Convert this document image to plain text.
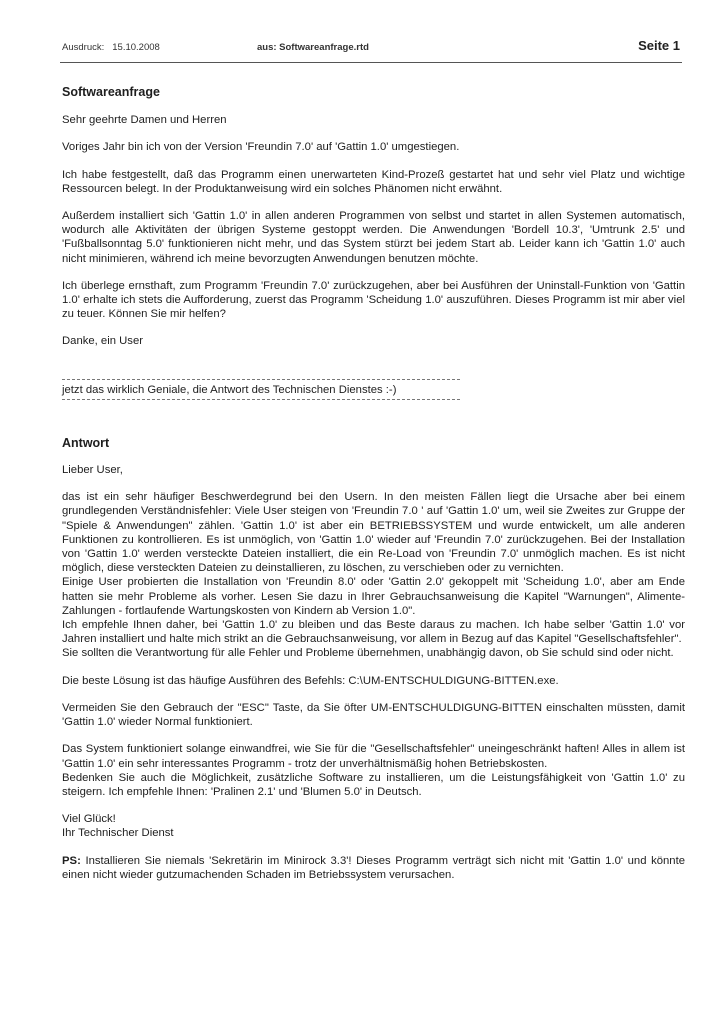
Ausdruck: 15.10.2008	aus: Softwareanfrage.rtd	Seite 1
Softwareanfrage

Sehr geehrte Damen und Herren

Voriges Jahr bin ich von der Version 'Freundin 7.0' auf 'Gattin 1.0' umgestiegen.

Ich habe festgestellt, daß das Programm einen unerwarteten Kind-Prozeß gestartet hat und sehr viel Platz und wichtige Ressourcen belegt. In der Produktanweisung wird ein solches Phänomen nicht erwähnt.

Außerdem installiert sich 'Gattin 1.0' in allen anderen Programmen von selbst und startet in allen Systemen automatisch, wodurch alle Aktivitäten der übrigen Systeme gestoppt werden. Die Anwendungen 'Bordell 10.3', 'Umtrunk 2.5' und 'Fußballsonntag 5.0' funktionieren nicht mehr, und das System stürzt bei jedem Start ab. Leider kann ich 'Gattin 1.0' auch nicht minimieren, während ich meine bevorzugten Anwendungen benutzen möchte.

Ich überlege ernsthaft, zum Programm 'Freundin 7.0' zurückzugehen, aber bei Ausführen der Uninstall-Funktion von 'Gattin 1.0' erhalte ich stets die Aufforderung, zuerst das Programm 'Scheidung 1.0' auszuführen. Dieses Programm ist mir aber viel zu teuer. Können Sie mir helfen?

Danke, ein User

jetzt das wirklich Geniale, die Antwort des Technischen Dienstes :-)
Antwort

Lieber User,

das ist ein sehr häufiger Beschwerdegrund bei den Usern. In den meisten Fällen liegt die Ursache aber bei einem grundlegenden Verständnisfehler: Viele User steigen von 'Freundin 7.0 ' auf 'Gattin 1.0' um, weil sie Zweites zur Gruppe der "Spiele & Anwendungen" zählen. 'Gattin 1.0' ist aber ein BETRIEBSSYSTEM und wurde entwickelt, um alle anderen Funktionen zu kontrollieren. Es ist unmöglich, von 'Gattin 1.0' wieder auf 'Freundin 7.0' zurückzugehen. Bei der Installation von 'Gattin 1.0' werden versteckte Dateien installiert, die ein Re-Load von 'Freundin 7.0' unmöglich machen. Es ist nicht möglich, diese versteckten Dateien zu deinstallieren, zu löschen, zu verschieben oder zu vernichten.

Einige User probierten die Installation von 'Freundin 8.0' oder 'Gattin 2.0' gekoppelt mit 'Scheidung 1.0', aber am Ende hatten sie mehr Probleme als vorher. Lesen Sie dazu in Ihrer Gebrauchsanweisung die Kapitel "Warnungen", Alimente-Zahlungen - fortlaufende Wartungskosten von Kindern ab Version 1.0".

Ich empfehle Ihnen daher, bei 'Gattin 1.0' zu bleiben und das Beste daraus zu machen. Ich habe selber 'Gattin 1.0' vor Jahren installiert und halte mich strikt an die Gebrauchsanweisung, vor allem in Bezug auf das Kapitel "Gesellschaftsfehler".

Sie sollten die Verantwortung für alle Fehler und Probleme übernehmen, unabhängig davon, ob Sie schuld sind oder nicht.

Die beste Lösung ist das häufige Ausführen des Befehls: C:\UM-ENTSCHULDIGUNG-BITTEN.exe.

Vermeiden Sie den Gebrauch der "ESC" Taste, da Sie öfter UM-ENTSCHULDIGUNG-BITTEN einschalten müssten, damit 'Gattin 1.0' wieder Normal funktioniert.

Das System funktioniert solange einwandfrei, wie Sie für die "Gesellschaftsfehler" uneingeschränkt haften! Alles in allem ist 'Gattin 1.0' ein sehr interessantes Programm - trotz der unverhältnismäßig hohen Betriebskosten.

Bedenken Sie auch die Möglichkeit, zusätzliche Software zu installieren, um die Leistungsfähigkeit von 'Gattin 1.0' zu steigern. Ich empfehle Ihnen: 'Pralinen 2.1' und 'Blumen 5.0' in Deutsch.

Viel Glück!

Ihr Technischer Dienst

PS: Installieren Sie niemals 'Sekretärin im Minirock 3.3'! Dieses Programm verträgt sich nicht mit 'Gattin 1.0' und könnte einen nicht wieder gutzumachenden Schaden im Betriebssystem verursachen.
